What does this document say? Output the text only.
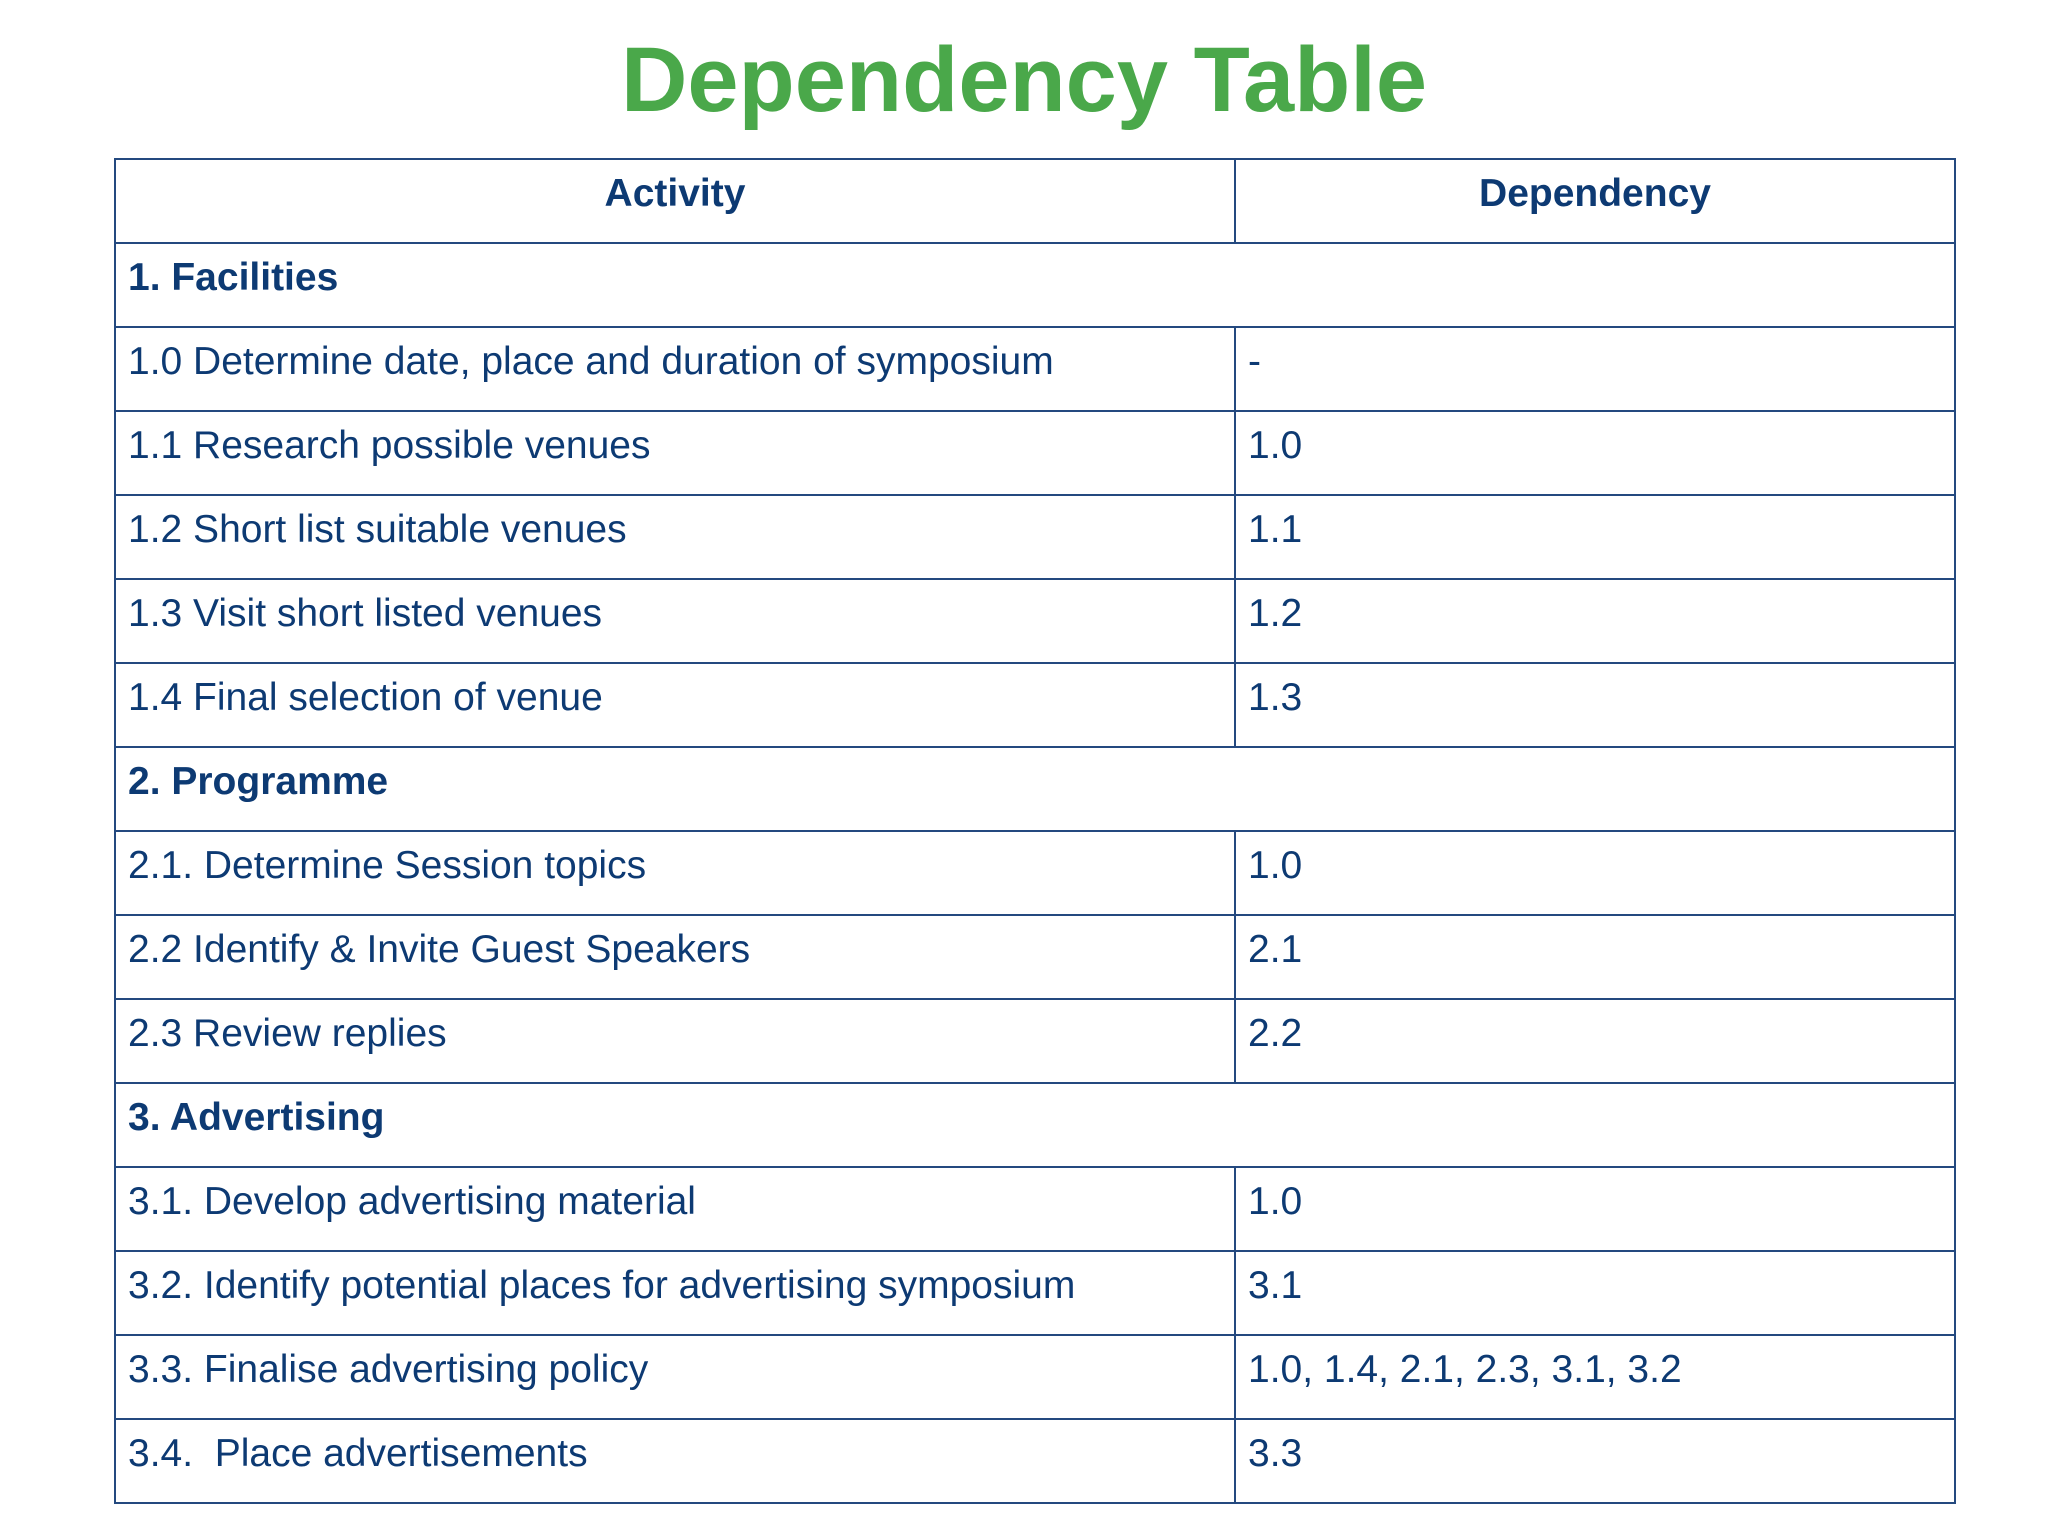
Dependency Table
Activity	Dependency
1. Facilities	
1.0 Determine date, place and duration of symposium	-
1.1 Research possible venues	1.0
1.2 Short list suitable venues	1.1
1.3 Visit short listed venues	1.2
1.4 Final selection of venue	1.3
2. Programme	
2.1. Determine Session topics	1.0
2.2 Identify & Invite Guest Speakers	2.1
2.3 Review replies	2.2
3. Advertising	
3.1. Develop advertising material	1.0
3.2. Identify potential places for advertising symposium	3.1
3.3. Finalise advertising policy	1.0, 1.4, 2.1, 2.3, 3.1, 3.2
3.4.  Place advertisements	3.3
